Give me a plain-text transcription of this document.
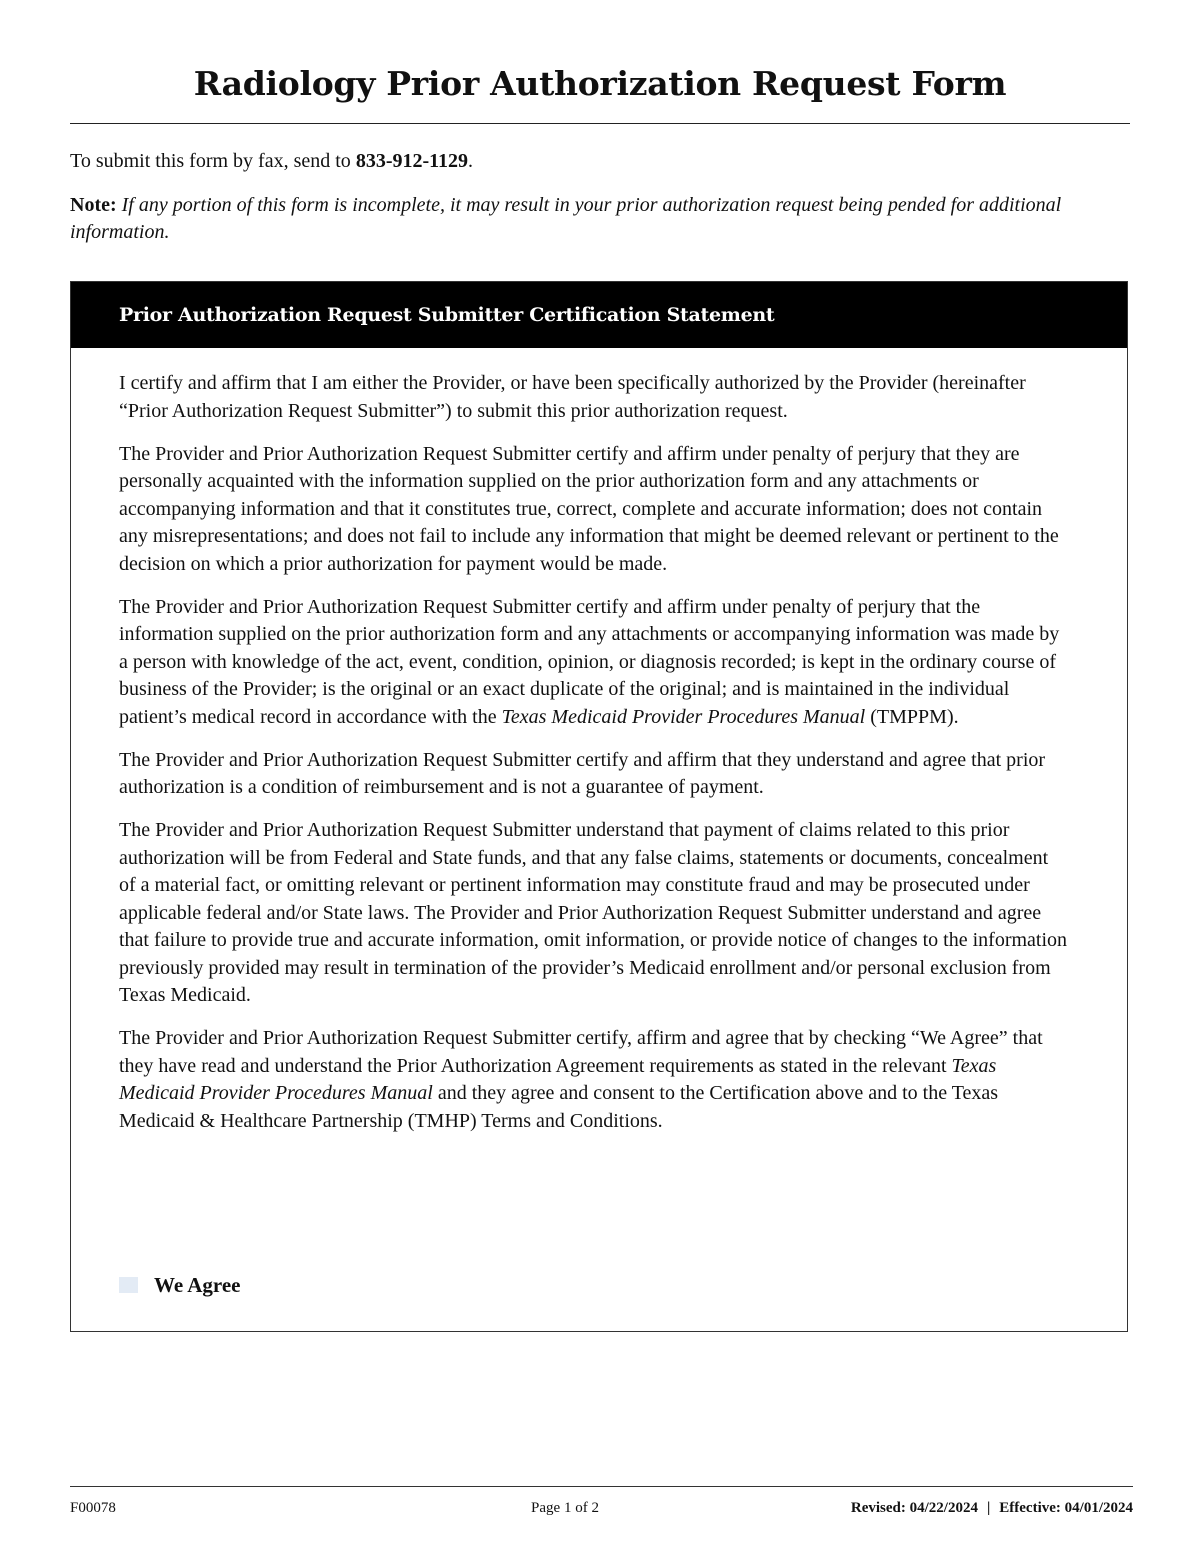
Radiology Prior Authorization Request Form

To submit this form by fax, send to 833-912-1129.

Note: If any portion of this form is incomplete, it may result in your prior authorization request being pended for additional information.

Prior Authorization Request Submitter Certification Statement

I certify and affirm that I am either the Provider, or have been specifically authorized by the Provider (hereinafter “Prior Authorization Request Submitter”) to submit this prior authorization request.

The Provider and Prior Authorization Request Submitter certify and affirm under penalty of perjury that they are personally acquainted with the information supplied on the prior authorization form and any attachments or accompanying information and that it constitutes true, correct, complete and accurate information; does not contain any misrepresentations; and does not fail to include any information that might be deemed relevant or pertinent to the decision on which a prior authorization for payment would be made.

The Provider and Prior Authorization Request Submitter certify and affirm under penalty of perjury that the information supplied on the prior authorization form and any attachments or accompanying information was made by a person with knowledge of the act, event, condition, opinion, or diagnosis recorded; is kept in the ordinary course of business of the Provider; is the original or an exact duplicate of the original; and is maintained in the individual patient’s medical record in accordance with the Texas Medicaid Provider Procedures Manual (TMPPM).

The Provider and Prior Authorization Request Submitter certify and affirm that they understand and agree that prior authorization is a condition of reimbursement and is not a guarantee of payment.

The Provider and Prior Authorization Request Submitter understand that payment of claims related to this prior authorization will be from Federal and State funds, and that any false claims, statements or documents, concealment of a material fact, or omitting relevant or pertinent information may constitute fraud and may be prosecuted under applicable federal and/or State laws. The Provider and Prior Authorization Request Submitter understand and agree that failure to provide true and accurate information, omit information, or provide notice of changes to the information previously provided may result in termination of the provider’s Medicaid enrollment and/or personal exclusion from Texas Medicaid.

The Provider and Prior Authorization Request Submitter certify, affirm and agree that by checking “We Agree” that they have read and understand the Prior Authorization Agreement requirements as stated in the relevant Texas Medicaid Provider Procedures Manual and they agree and consent to the Certification above and to the Texas Medicaid & Healthcare Partnership (TMHP) Terms and Conditions.

We Agree
F00078	Page 1 of 2	Revised: 04/22/2024 | Effective: 04/01/2024
